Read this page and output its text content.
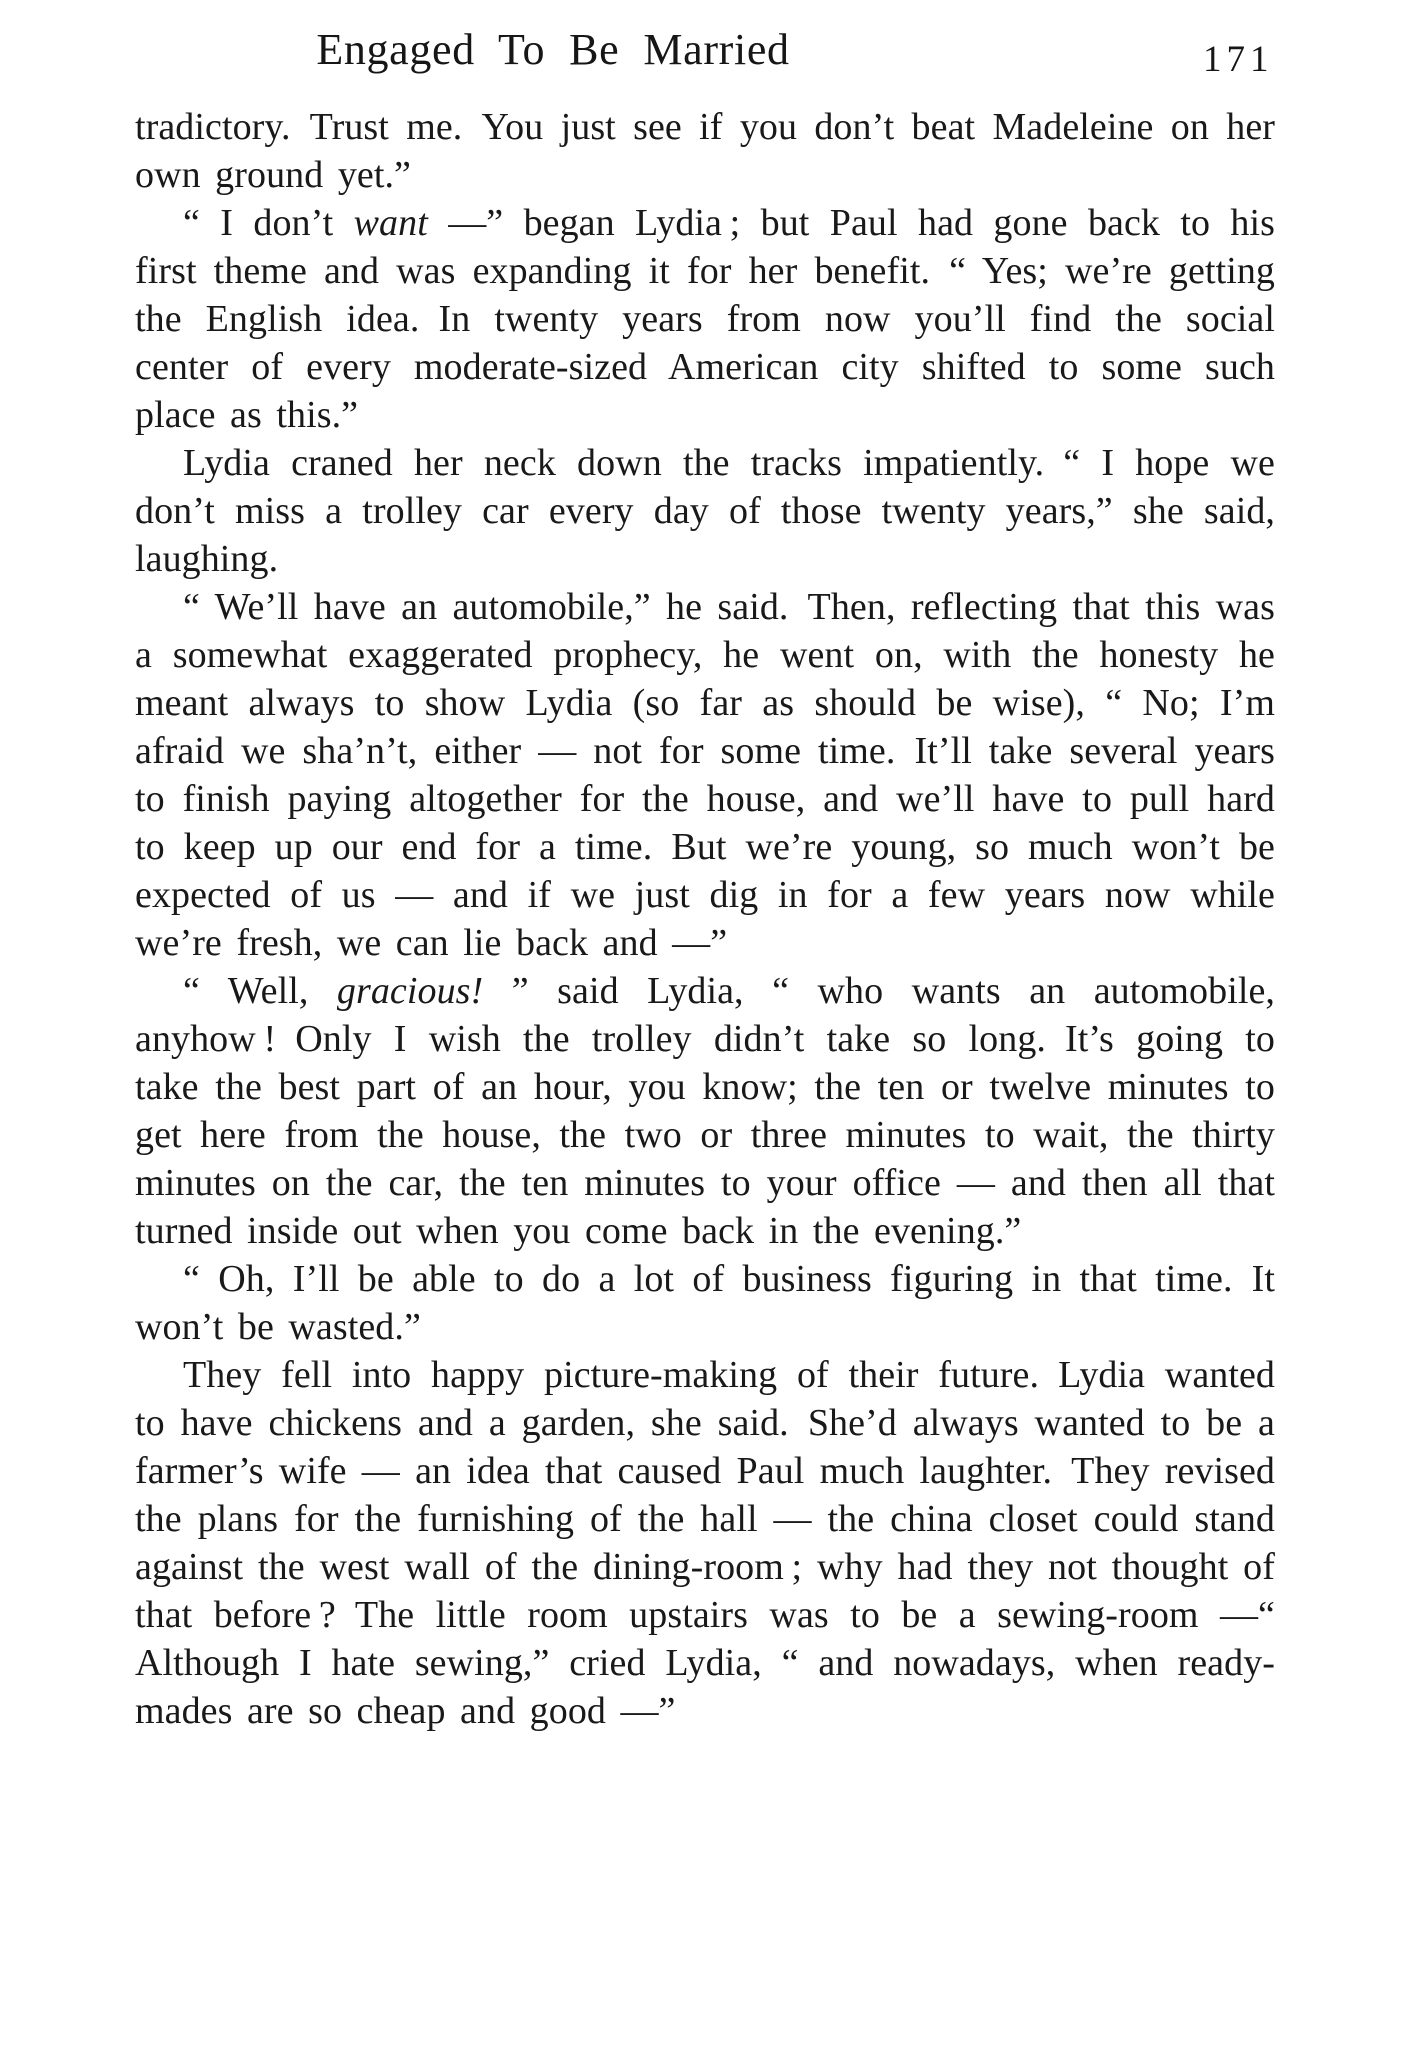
Engaged To Be Married	171

tradictory. Trust me. You just see if you don’t beat Madeleine on her own ground yet.”

“ I don’t want —” began Lydia ; but Paul had gone back to his first theme and was expanding it for her benefit. “ Yes; we’re getting the English idea. In twenty years from now you’ll find the social center of every moderate-sized American city shifted to some such place as this.”

Lydia craned her neck down the tracks impatiently. “ I hope we don’t miss a trolley car every day of those twenty years,” she said, laughing.

“ We’ll have an automobile,” he said. Then, reflecting that this was a somewhat exaggerated prophecy, he went on, with the honesty he meant always to show Lydia (so far as should be wise), “ No; I’m afraid we sha’n’t, either — not for some time. It’ll take several years to finish paying altogether for the house, and we’ll have to pull hard to keep up our end for a time. But we’re young, so much won’t be expected of us — and if we just dig in for a few years now while we’re fresh, we can lie back and —”

“ Well, gracious! ” said Lydia, “ who wants an automobile, anyhow ! Only I wish the trolley didn’t take so long. It’s going to take the best part of an hour, you know; the ten or twelve minutes to get here from the house, the two or three minutes to wait, the thirty minutes on the car, the ten minutes to your office — and then all that turned inside out when you come back in the evening.”

“ Oh, I’ll be able to do a lot of business figuring in that time. It won’t be wasted.”

They fell into happy picture-making of their future. Lydia wanted to have chickens and a garden, she said. She’d always wanted to be a farmer’s wife — an idea that caused Paul much laughter. They revised the plans for the furnishing of the hall — the china closet could stand against the west wall of the dining-room ; why had they not thought of that before ? The little room upstairs was to be a sewing-room —“ Although I hate sewing,” cried Lydia, “ and nowadays, when ready-mades are so cheap and good —”
